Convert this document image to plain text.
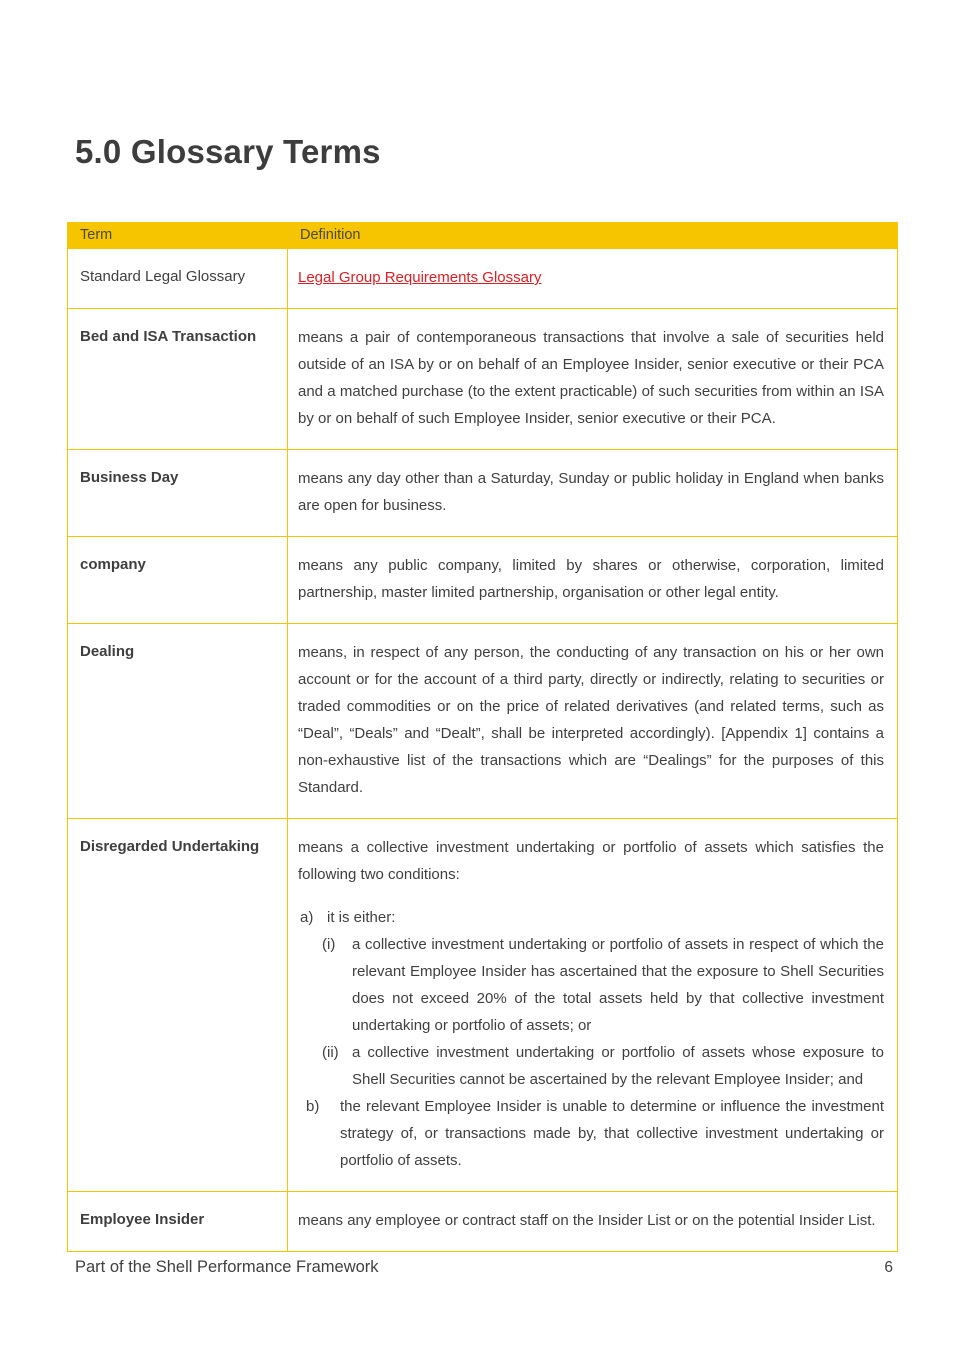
5.0 Glossary Terms
Term	Definition
Standard Legal Glossary	Legal Group Requirements Glossary

Bed and ISA Transaction	means a pair of contemporaneous transactions that involve a sale of securities held outside of an ISA by or on behalf of an Employee Insider, senior executive or their PCA and a matched purchase (to the extent practicable) of such securities from within an ISA by or on behalf of such Employee Insider, senior executive or their PCA.

Business Day	means any day other than a Saturday, Sunday or public holiday in England when banks are open for business.

company	means any public company, limited by shares or otherwise, corporation, limited partnership, master limited partnership, organisation or other legal entity.

Dealing	means, in respect of any person, the conducting of any transaction on his or her own account or for the account of a third party, directly or indirectly, relating to securities or traded commodities or on the price of related derivatives (and related terms, such as “Deal”, “Deals” and “Dealt”, shall be interpreted accordingly). [Appendix 1] contains a non-exhaustive list of the transactions which are “Dealings” for the purposes of this Standard.

Disregarded Undertaking	means a collective investment undertaking or portfolio of assets which satisfies the following two conditions:

a) it is either:
(i)	a collective investment undertaking or portfolio of assets in respect of which the relevant Employee Insider has ascertained that the exposure to Shell Securities does not exceed 20% of the total assets held by that collective investment undertaking or portfolio of assets; or
(ii) a collective investment undertaking or portfolio of assets whose exposure to Shell Securities cannot be ascertained by the relevant Employee Insider; and
b)	the relevant Employee Insider is unable to determine or influence the investment strategy of, or transactions made by, that collective investment undertaking or portfolio of assets.

Employee Insider	means any employee or contract staff on the Insider List or on the potential Insider List.

Part of the Shell Performance Framework	6
